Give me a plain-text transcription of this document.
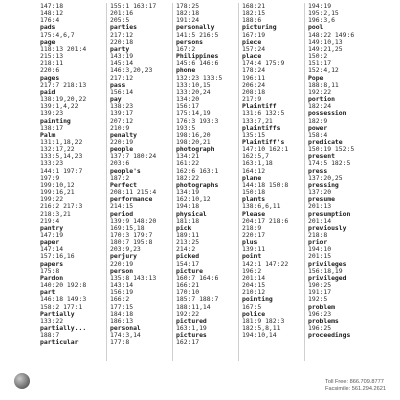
147:18
148:12
176:4
pads
175:4,6,7
page
118:13 201:4
215:13
218:11
220:6
pages
217:7 218:13
paid
138:19,20,22
139:1,4,22
139:23
painting
138:17
Palm
131:1,18,22
132:17,22
133:5,14,23
133:23
144:1 197:7
197:9
199:10,12
199:16,21
199:22
216:2 217:3
218:3,21
219:4
pantry
147:19
paper
147:14
157:16,16
papers
175:8
Pardon
140:20 192:8
part
146:18 149:3
158:2 177:1
Partially
133:22
partially...
188:7
particular
155:1 163:17
201:16
205:5
parties
217:12
220:18
party
143:19
145:14
146:3,20,23
217:12
pass
156:14
pay
138:23
139:17
207:12
210:9
penalty
220:19
people
137:7 180:24
203:6
people's
187:2
Perfect
208:11 215:4
performance
214:15
period
139:9 148:20
169:15,18
170:3 179:7
180:7 195:8
203:9,23
perjury
220:19
person
135:8 143:13
143:14
156:19
166:2
177:15
184:18
186:13
personal
174:3,14
177:8
178:25
182:18
191:24
personally
141:5 216:5
persons
167:2
Philippines
145:6 146:6
phone
132:23 133:5
133:10,15
133:20,24
134:20
156:17
175:14,19
176:3 193:3
193:5
198:16,20
198:20,21
photograph
134:21
161:22
162:6 163:1
182:22
photographs
134:19
162:10,12
194:18
physical
181:18
pick
189:11
213:25
214:2
picked
154:17
picture
160:7 164:6
166:21
170:10
185:7 188:7
188:11,14
192:22
pictured
163:1,19
pictures
162:17
168:21
182:15
188:6
picturing
167:19
piece
157:24
place
174:4 175:9
178:24
196:11
206:24
208:18
217:9
Plaintiff
131:6 132:5
133:7,21
plaintiffs
135:15
Plaintiff's
147:10 162:1
162:5,7
163:1,18
164:12
plane
144:18 150:8
150:18
plants
138:6,6,11
Please
204:17 218:6
218:9
220:17
plus
139:11
point
142:1 147:22
196:2
201:14
204:15
210:12
pointing
167:5
police
181:9 182:3
182:5,8,11
194:10,14
194:19
195:2,15
196:3,6
pool
148:22 149:6
149:10,13
149:21,25
150:2
151:17
152:4,12
Pope
188:8,11
192:22
portion
182:24
possession
182:9
power
158:4
predicate
150:19 152:5
present
174:5 182:5
press
137:20,25
pressing
137:20
presume
201:13
presumption
201:14
previously
218:8
prior
194:10
201:15
privileges
156:18,19
privileged
190:25
191:17
192:5
problem
196:23
problems
196:25
proceedings
Toll Free: 866.709.8777
Facsimile: 561.294.2621
